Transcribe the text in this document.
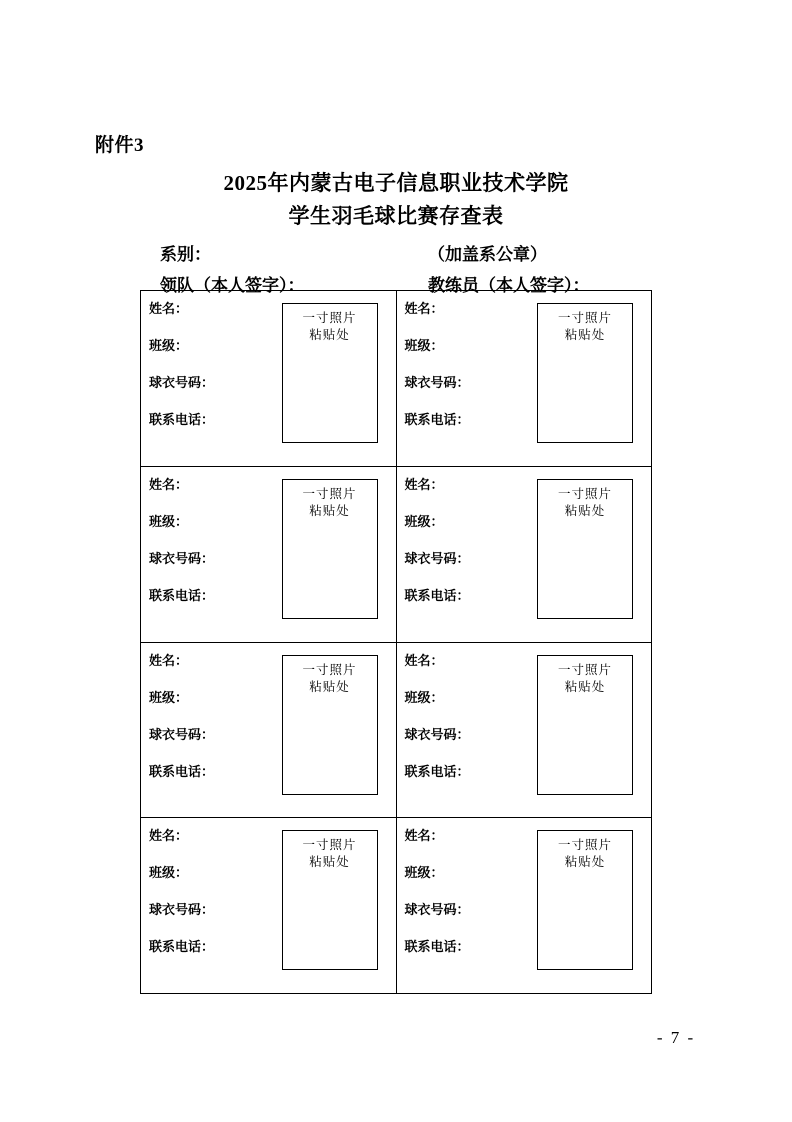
附件3
2025年内蒙古电子信息职业技术学院
学生羽毛球比赛存查表
系别：	（加盖系公章）
领队（本人签字）：	教练员（本人签字）：
姓名：
班级：
球衣号码：
联系电话：
一寸照片
粘贴处
姓名：
班级：
球衣号码：
联系电话：
一寸照片
粘贴处
姓名：
班级：
球衣号码：
联系电话：
一寸照片
粘贴处
姓名：
班级：
球衣号码：
联系电话：
一寸照片
粘贴处
姓名：
班级：
球衣号码：
联系电话：
一寸照片
粘贴处
姓名：
班级：
球衣号码：
联系电话：
一寸照片
粘贴处
姓名：
班级：
球衣号码：
联系电话：
一寸照片
粘贴处
姓名：
班级：
球衣号码：
联系电话：
一寸照片
粘贴处
- 7 -
